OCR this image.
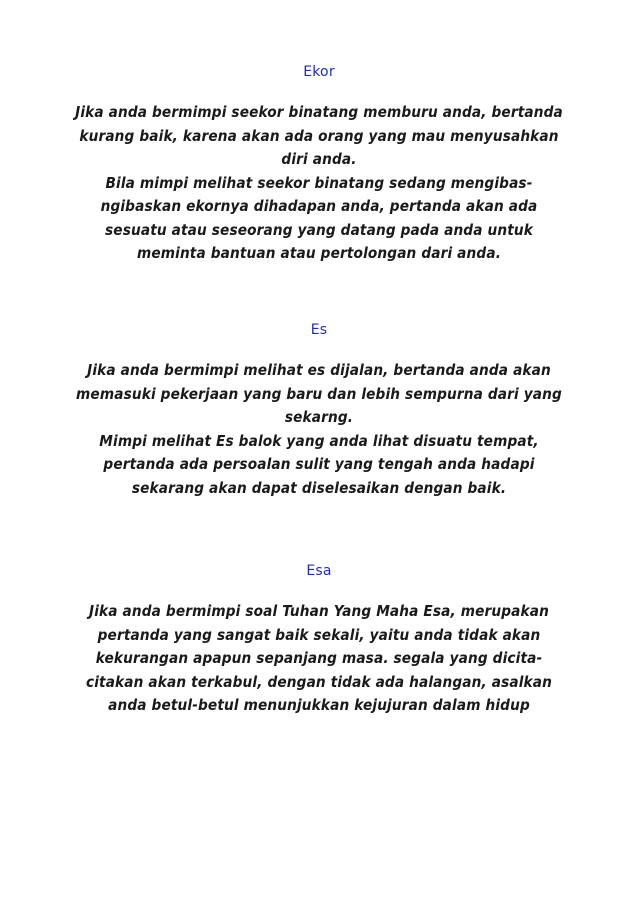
Ekor
Jika anda bermimpi seekor binatang memburu anda, bertanda
kurang baik, karena akan ada orang yang mau menyusahkan
diri anda.
Bila mimpi melihat seekor binatang sedang mengibas-
ngibaskan ekornya dihadapan anda, pertanda akan ada
sesuatu atau seseorang yang datang pada anda untuk
meminta bantuan atau pertolongan dari anda.
Es
Jika anda bermimpi melihat es dijalan, bertanda anda akan
memasuki pekerjaan yang baru dan lebih sempurna dari yang
sekarng.
Mimpi melihat Es balok yang anda lihat disuatu tempat,
pertanda ada persoalan sulit yang tengah anda hadapi
sekarang akan dapat diselesaikan dengan baik.
Esa
Jika anda bermimpi soal Tuhan Yang Maha Esa, merupakan
pertanda yang sangat baik sekali, yaitu anda tidak akan
kekurangan apapun sepanjang masa. segala yang dicita-
citakan akan terkabul, dengan tidak ada halangan, asalkan
anda betul-betul menunjukkan kejujuran dalam hidup
